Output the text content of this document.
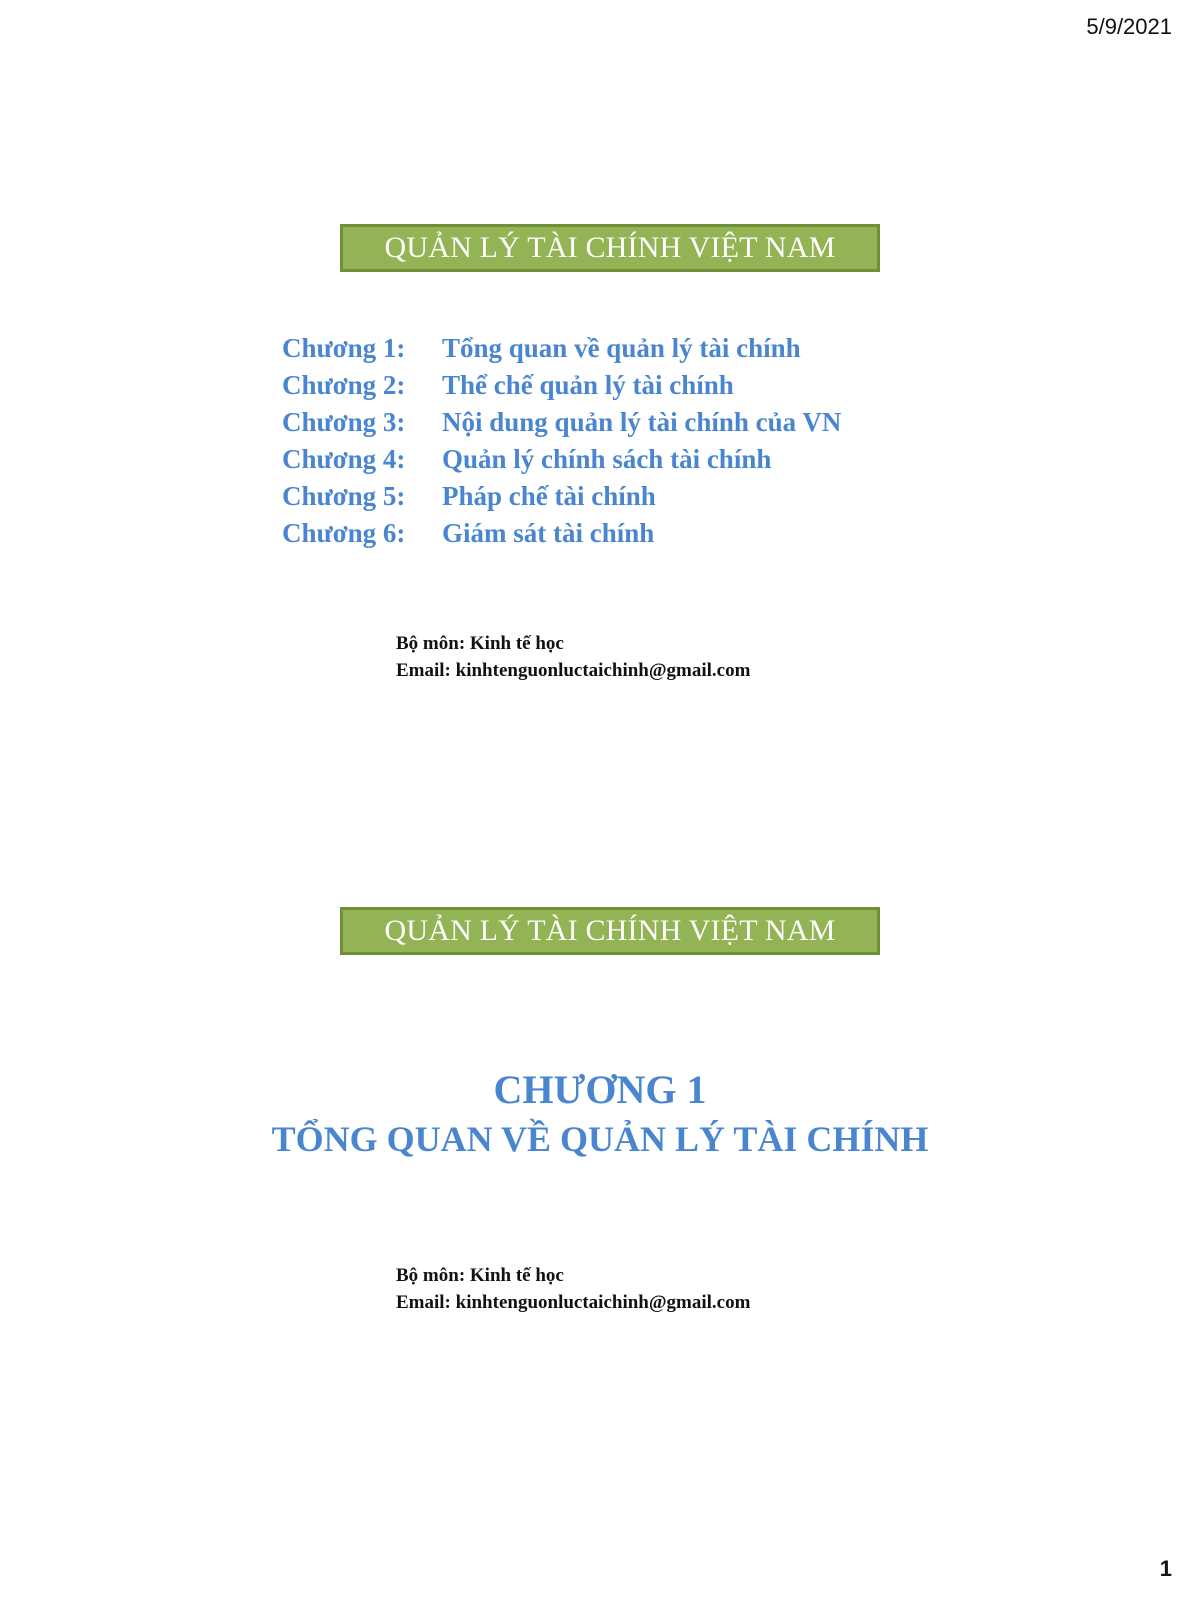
5/9/2021
QUẢN LÝ TÀI CHÍNH VIỆT NAM
Chương 1: Tổng quan về quản lý tài chính
Chương 2: Thể chế quản lý tài chính
Chương 3: Nội dung quản lý tài chính của VN
Chương 4: Quản lý chính sách tài chính
Chương 5: Pháp chế tài chính
Chương 6: Giám sát tài chính
Bộ môn: Kinh tế học
Email: kinhtenguonluctaichinh@gmail.com
QUẢN LÝ TÀI CHÍNH VIỆT NAM
CHƯƠNG 1
TỔNG QUAN VỀ QUẢN LÝ TÀI CHÍNH
Bộ môn: Kinh tế học
Email: kinhtenguonluctaichinh@gmail.com
1
